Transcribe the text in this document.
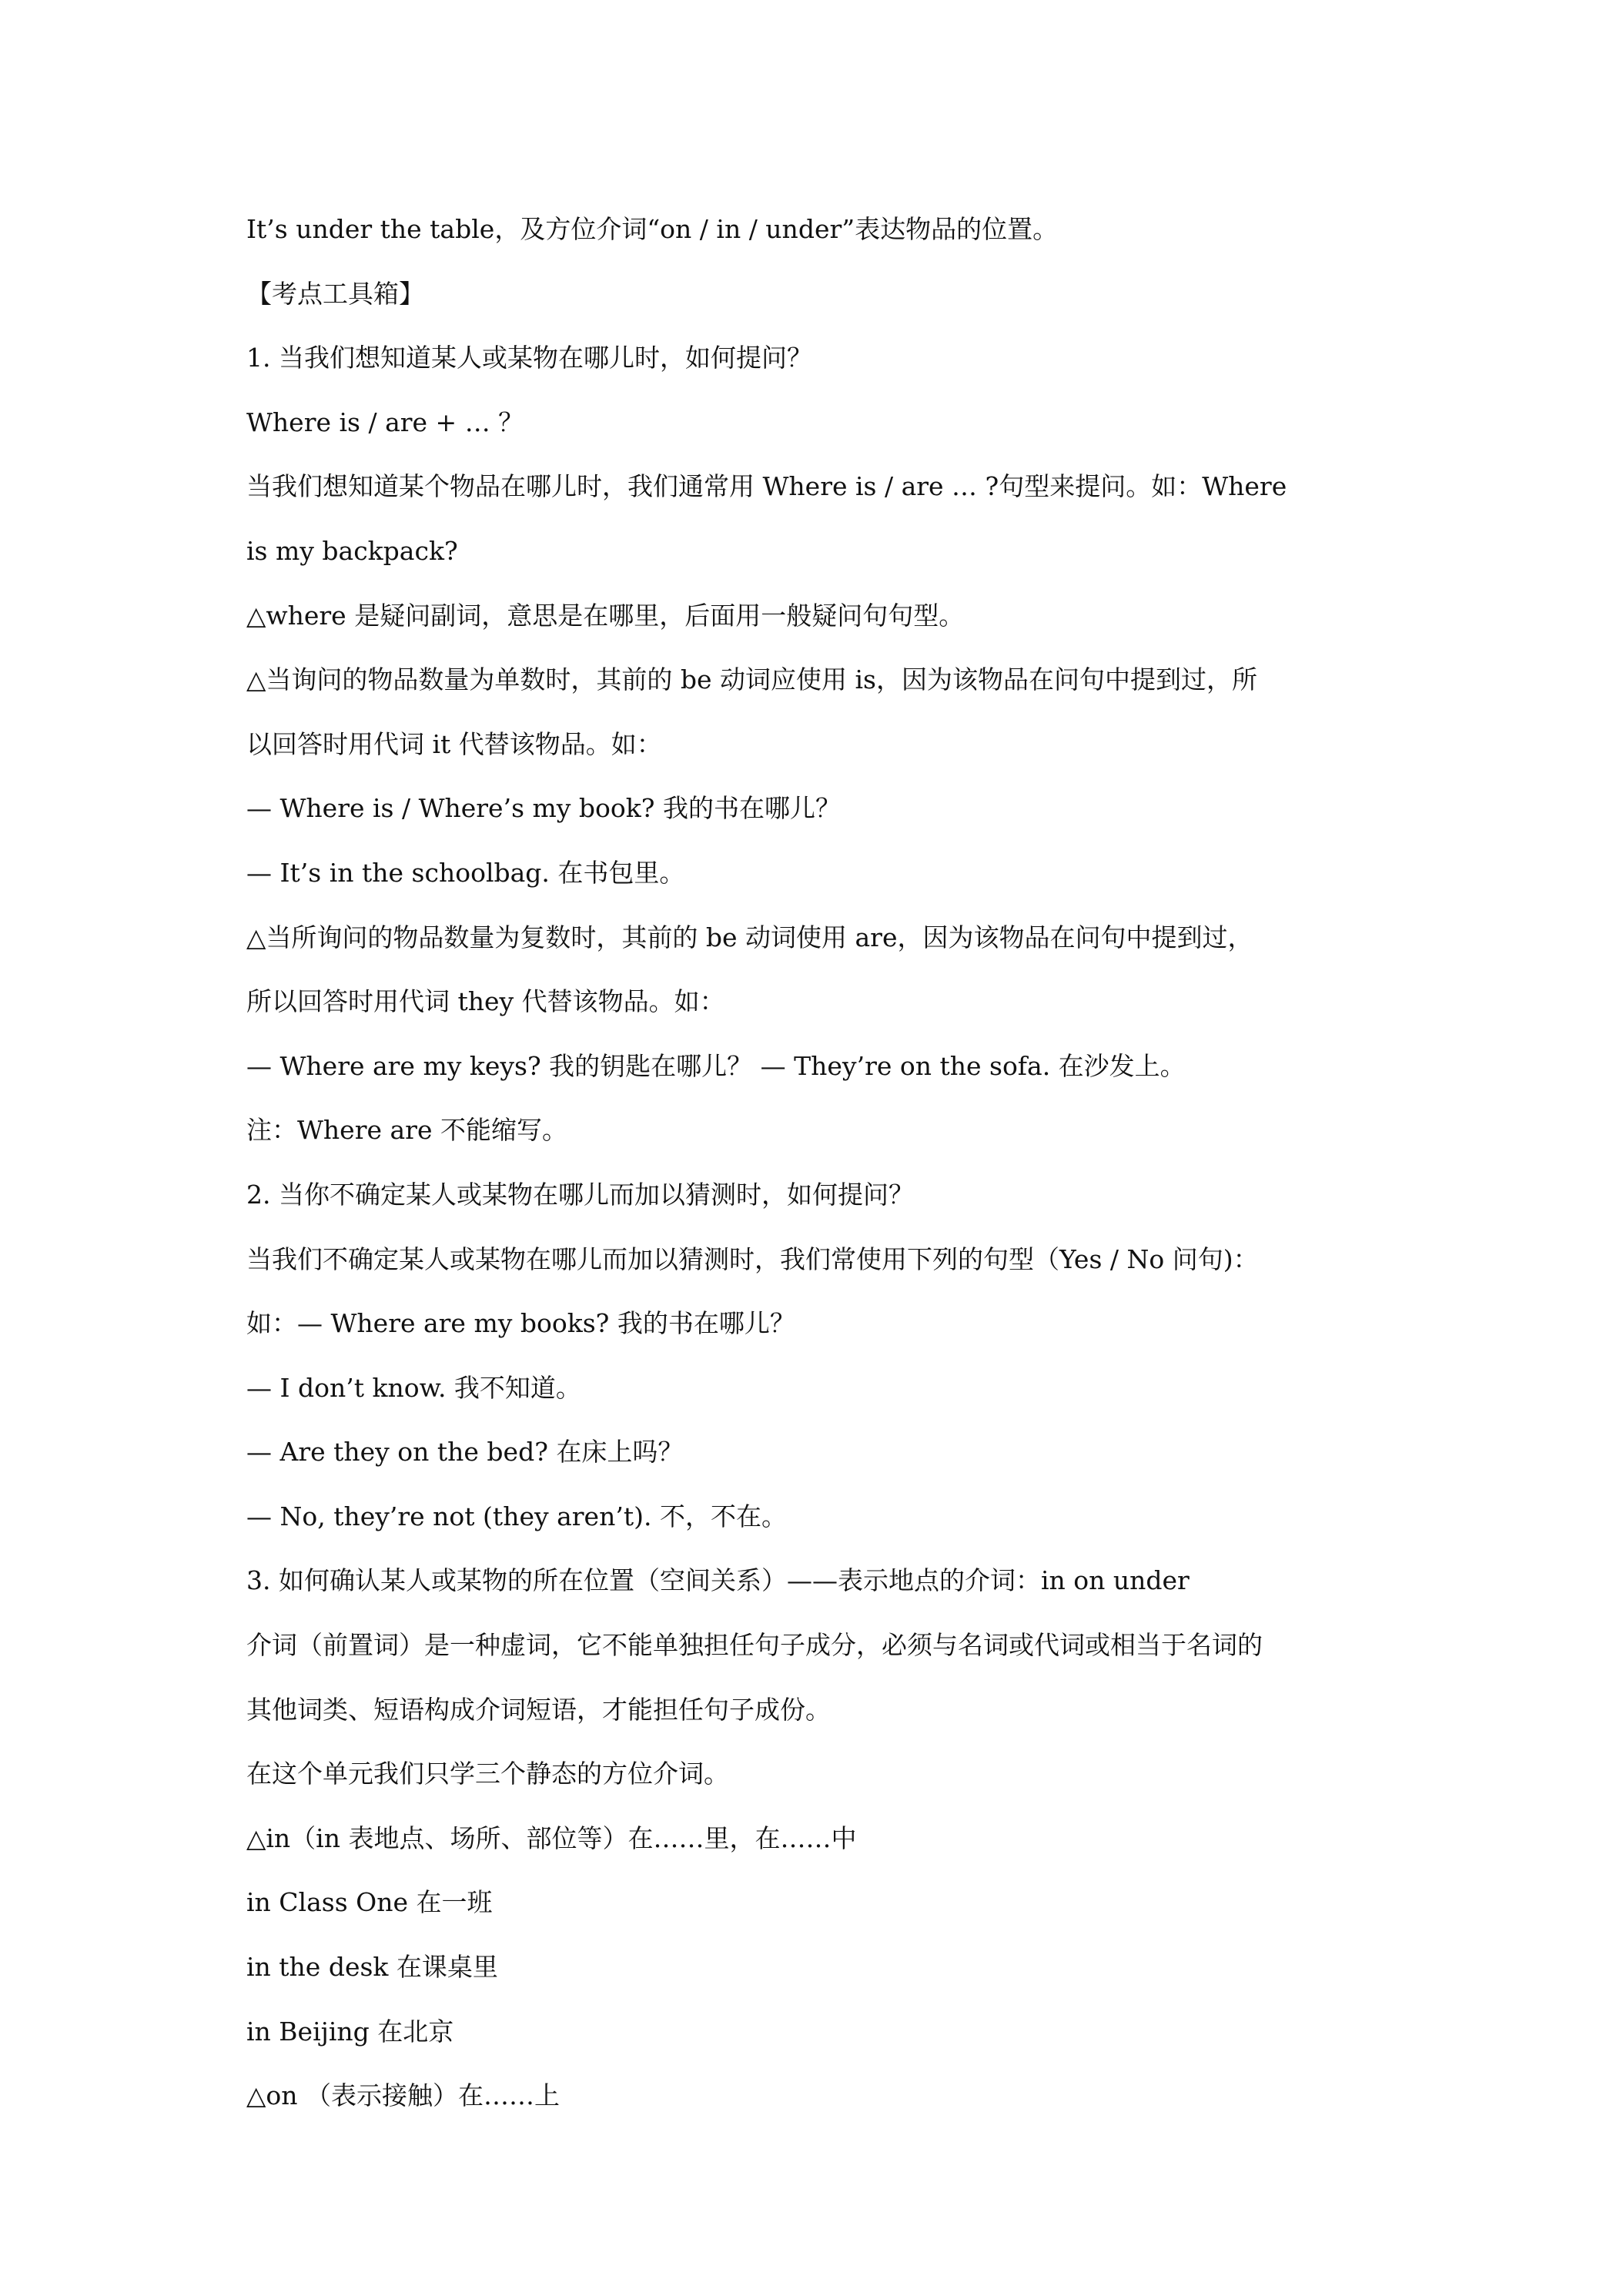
It’s under the table，及方位介词“on / in / under”表达物品的位置。
【考点工具箱】
1. 当我们想知道某人或某物在哪儿时，如何提问？
Where is / are + … ？
当我们想知道某个物品在哪儿时，我们通常用 Where is / are … ?句型来提问。如：Where
is my backpack?
△where 是疑问副词，意思是在哪里，后面用一般疑问句句型。
△当询问的物品数量为单数时，其前的 be 动词应使用 is，因为该物品在问句中提到过，所
以回答时用代词 it 代替该物品。如：
— Where is / Where’s my book? 我的书在哪儿？
— It’s in the schoolbag. 在书包里。
△当所询问的物品数量为复数时，其前的 be 动词使用 are，因为该物品在问句中提到过，
所以回答时用代词 they 代替该物品。如：
— Where are my keys? 我的钥匙在哪儿？ — They’re on the sofa. 在沙发上。
注：Where are 不能缩写。
2. 当你不确定某人或某物在哪儿而加以猜测时，如何提问？
当我们不确定某人或某物在哪儿而加以猜测时，我们常使用下列的句型（Yes / No 问句)：
如：— Where are my books? 我的书在哪儿？
— I don’t know. 我不知道。
— Are they on the bed? 在床上吗？
— No, they’re not (they aren’t). 不，不在。
3. 如何确认某人或某物的所在位置（空间关系）——表示地点的介词：in on under
介词（前置词）是一种虚词，它不能单独担任句子成分，必须与名词或代词或相当于名词的
其他词类、短语构成介词短语，才能担任句子成份。
在这个单元我们只学三个静态的方位介词。
△in（in 表地点、场所、部位等）在……里，在……中
in Class One 在一班
in the desk 在课桌里
in Beijing 在北京
△on （表示接触）在……上
